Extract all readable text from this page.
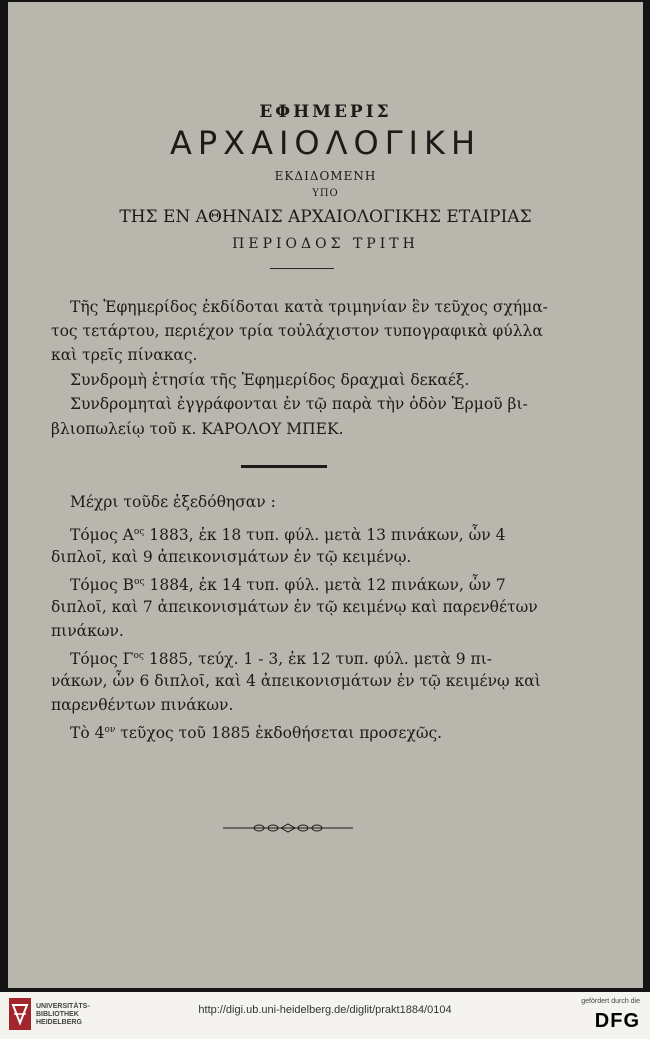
ΕΦΗΜΕΡΙΣ
ΑΡΧΑΙΟΛΟΓΙΚΗ
ΕΚΔΙΔΟΜΕΝΗ
ΥΠΟ
ΤΗΣ ΕΝ ΑΘΗΝΑΙΣ ΑΡΧΑΙΟΛΟΓΙΚΗΣ ΕΤΑΙΡΙΑΣ
ΠΕΡΙΟΔΟΣ ΤΡΙΤΗ
Τῆς Ἐφημερίδος ἐκδίδοται κατὰ τριμηνίαν ἓν τεῦχος σχήμα-
τος τετάρτου, περιέχον τρία τοὐλάχιστον τυπογραφικὰ φύλλα
καὶ τρεῖς πίνακας.
Συνδρομὴ ἐτησία τῆς Ἐφημερίδος δραχμαὶ δεκαέξ.
Συνδρομηταὶ ἐγγράφονται ἐν τῷ παρὰ τὴν ὁδὸν Ἑρμοῦ βι-
βλιοπωλείῳ τοῦ κ. ΚΑΡΟΛΟΥ ΜΠΕΚ.
Μέχρι τοῦδε ἐξεδόθησαν :
Τόμος $A^{o\varsigma}$ 1883, ἐκ 18 τυπ. φύλ. μετὰ 13 πινάκων, ὧν 4
διπλοῖ, καὶ 9 ἀπεικονισμάτων ἐν τῷ κειμένῳ.
Τόμος $B^{o\varsigma}$ 1884, ἐκ 14 τυπ. φύλ. μετὰ 12 πινάκων, ὧν 7
διπλοῖ, καὶ 7 ἀπεικονισμάτων ἐν τῷ κειμένῳ καὶ παρενθέτων
πινάκων.
Τόμος $\Gamma^{o\varsigma}$ 1885, τεύχ. 1 - 3, ἐκ 12 τυπ. φύλ. μετὰ 9 πι-
νάκων, ὧν 6 διπλοῖ, καὶ 4 ἀπεικονισμάτων ἐν τῷ κειμένῳ καὶ
παρενθέντων πινάκων.
Τὸ $4^{o\nu}$ τεῦχος τοῦ 1885 ἐκδοθήσεται προσεχῶς.
UNIVERSITÄTS-
BIBLIOTHEK
HEIDELBERG
http://digi.ub.uni-heidelberg.de/diglit/prakt1884/0104
gefördert durch die
DFG
